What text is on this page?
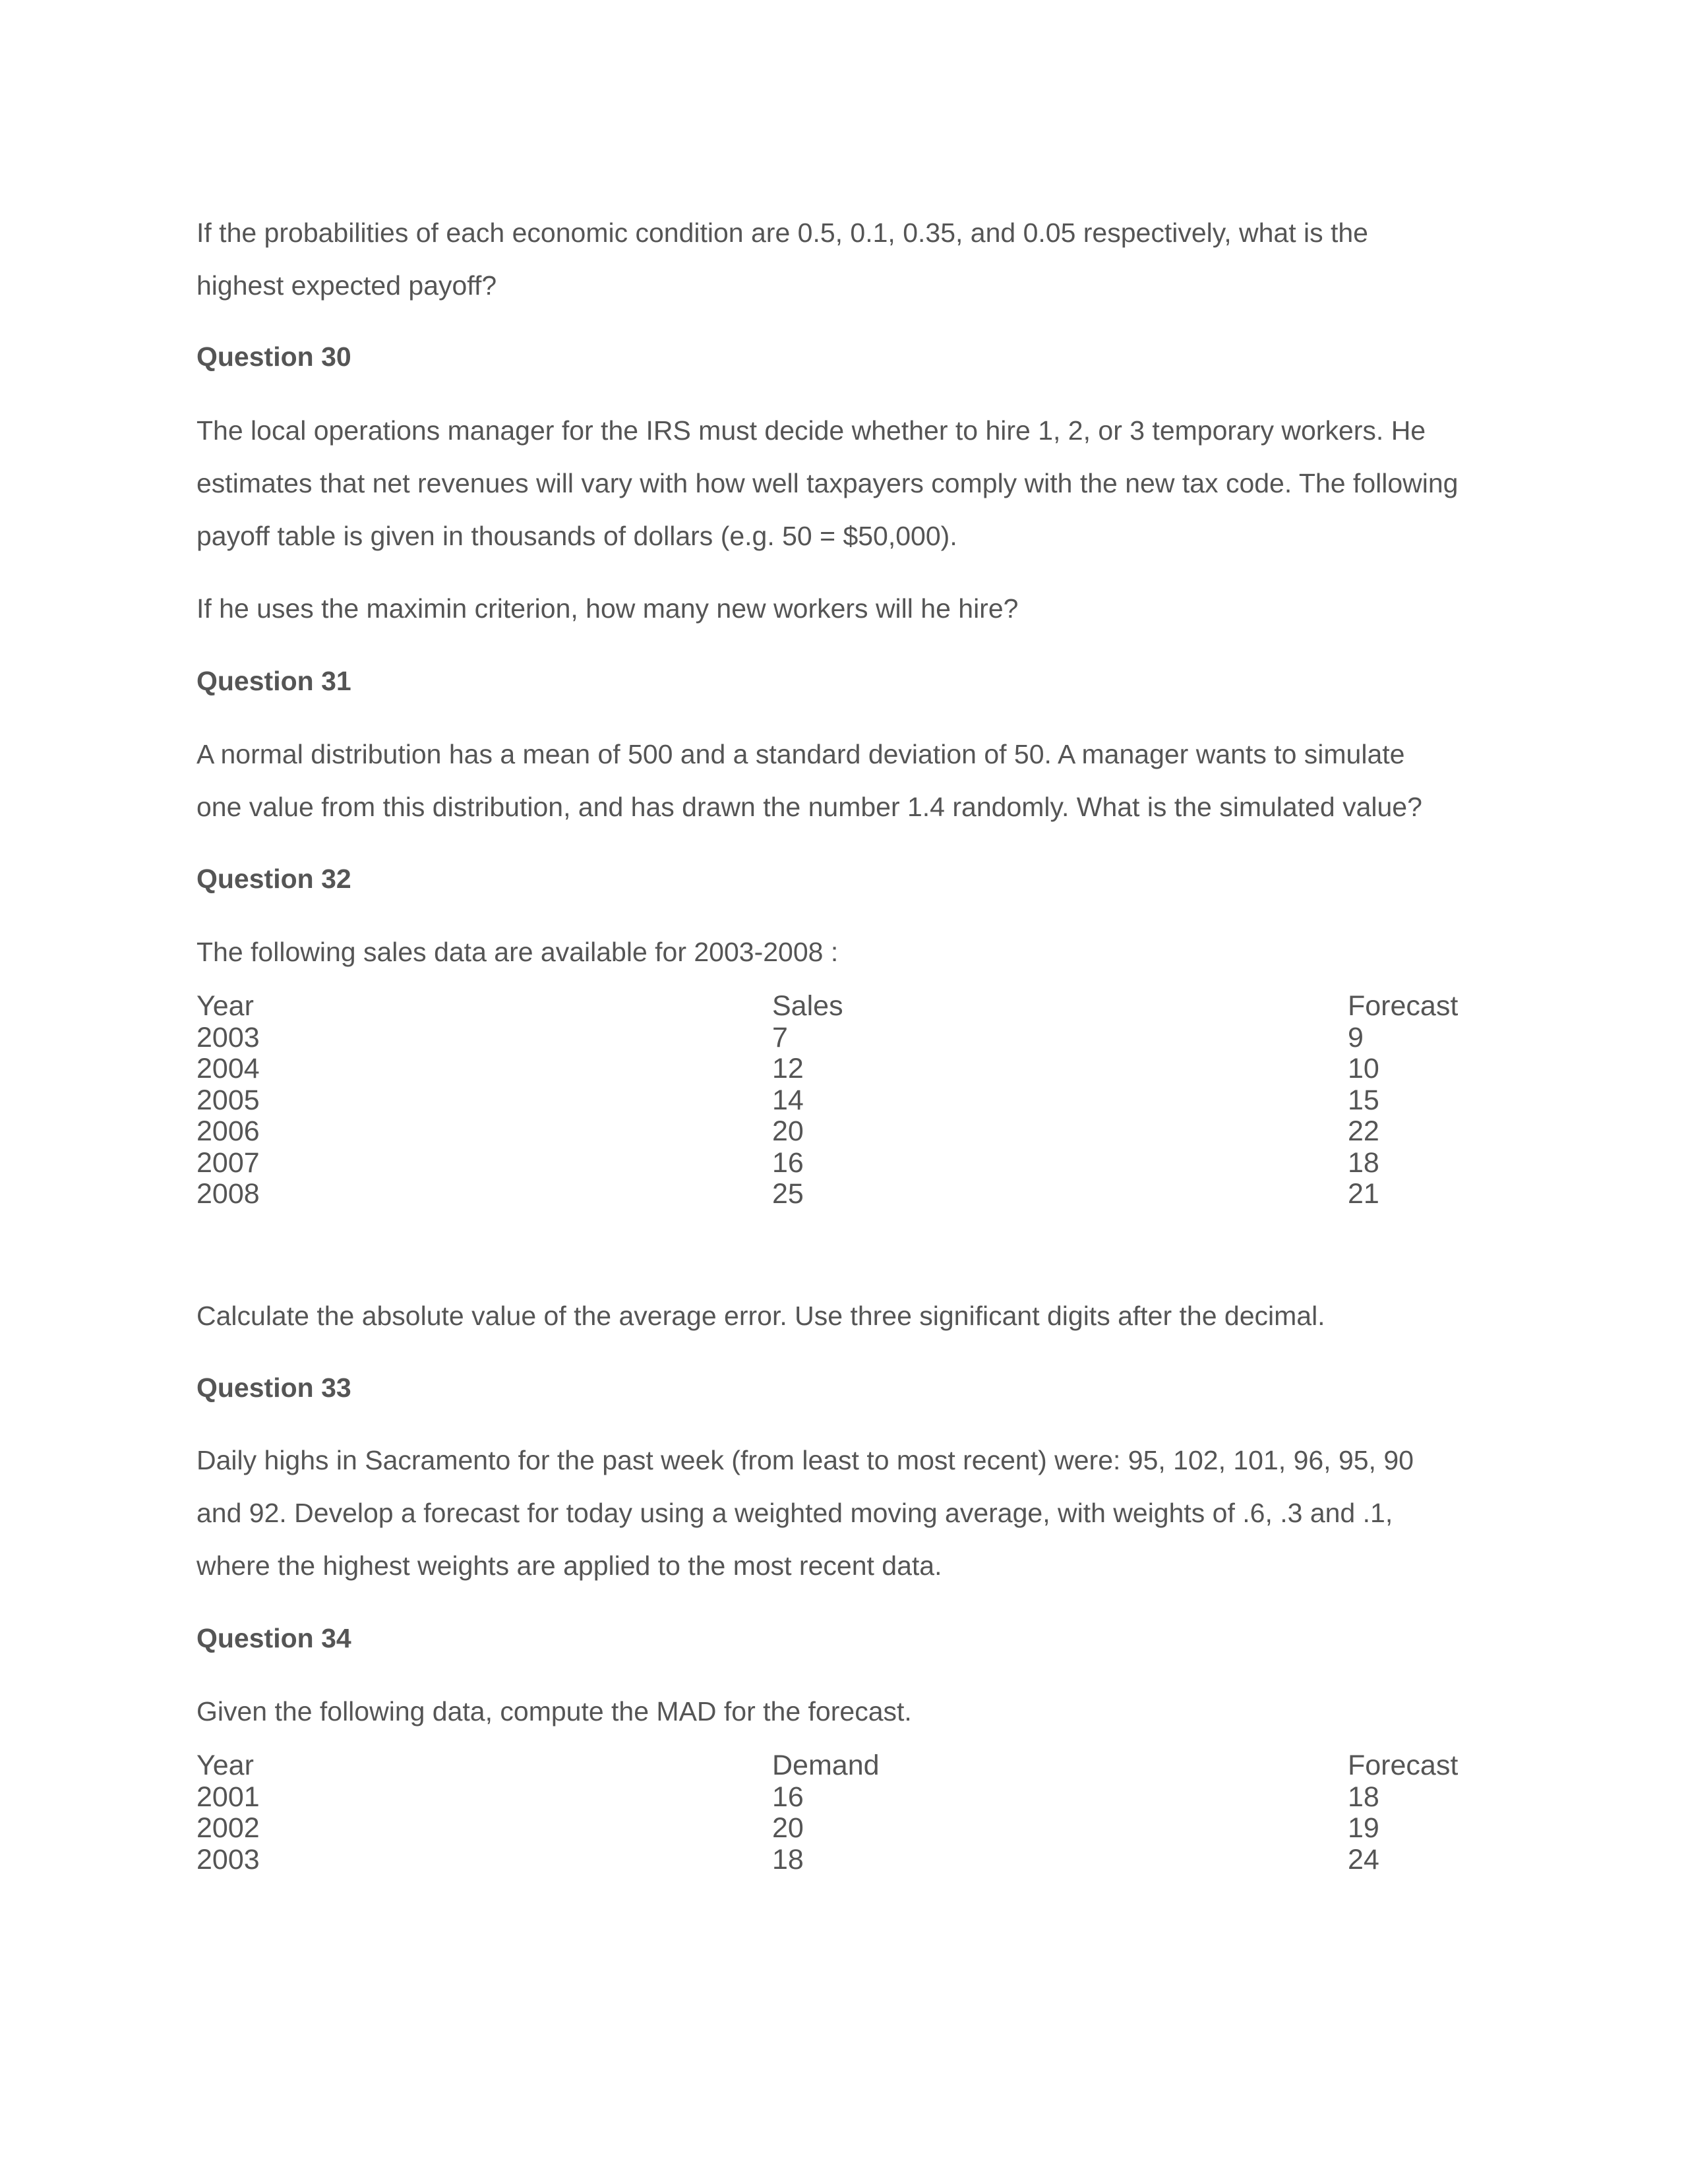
If the probabilities of each economic condition are 0.5, 0.1, 0.35, and 0.05 respectively, what is the
highest expected payoff?
Question 30
The local operations manager for the IRS must decide whether to hire 1, 2, or 3 temporary workers. He
estimates that net revenues will vary with how well taxpayers comply with the new tax code. The following
payoff table is given in thousands of dollars (e.g. 50 = $50,000).
If he uses the maximin criterion, how many new workers will he hire?
Question 31
A normal distribution has a mean of 500 and a standard deviation of 50. A manager wants to simulate
one value from this distribution, and has drawn the number 1.4 randomly. What is the simulated value?
Question 32
The following sales data are available for 2003-2008 :
Year	Sales	Forecast
2003	7	9
2004	12	10
2005	14	15
2006	20	22
2007	16	18
2008	25	21
Calculate the absolute value of the average error. Use three significant digits after the decimal.
Question 33
Daily highs in Sacramento for the past week (from least to most recent) were: 95, 102, 101, 96, 95, 90
and 92. Develop a forecast for today using a weighted moving average, with weights of .6, .3 and .1,
where the highest weights are applied to the most recent data.
Question 34
Given the following data, compute the MAD for the forecast.
Year	Demand	Forecast
2001	16	18
2002	20	19
2003	18	24
